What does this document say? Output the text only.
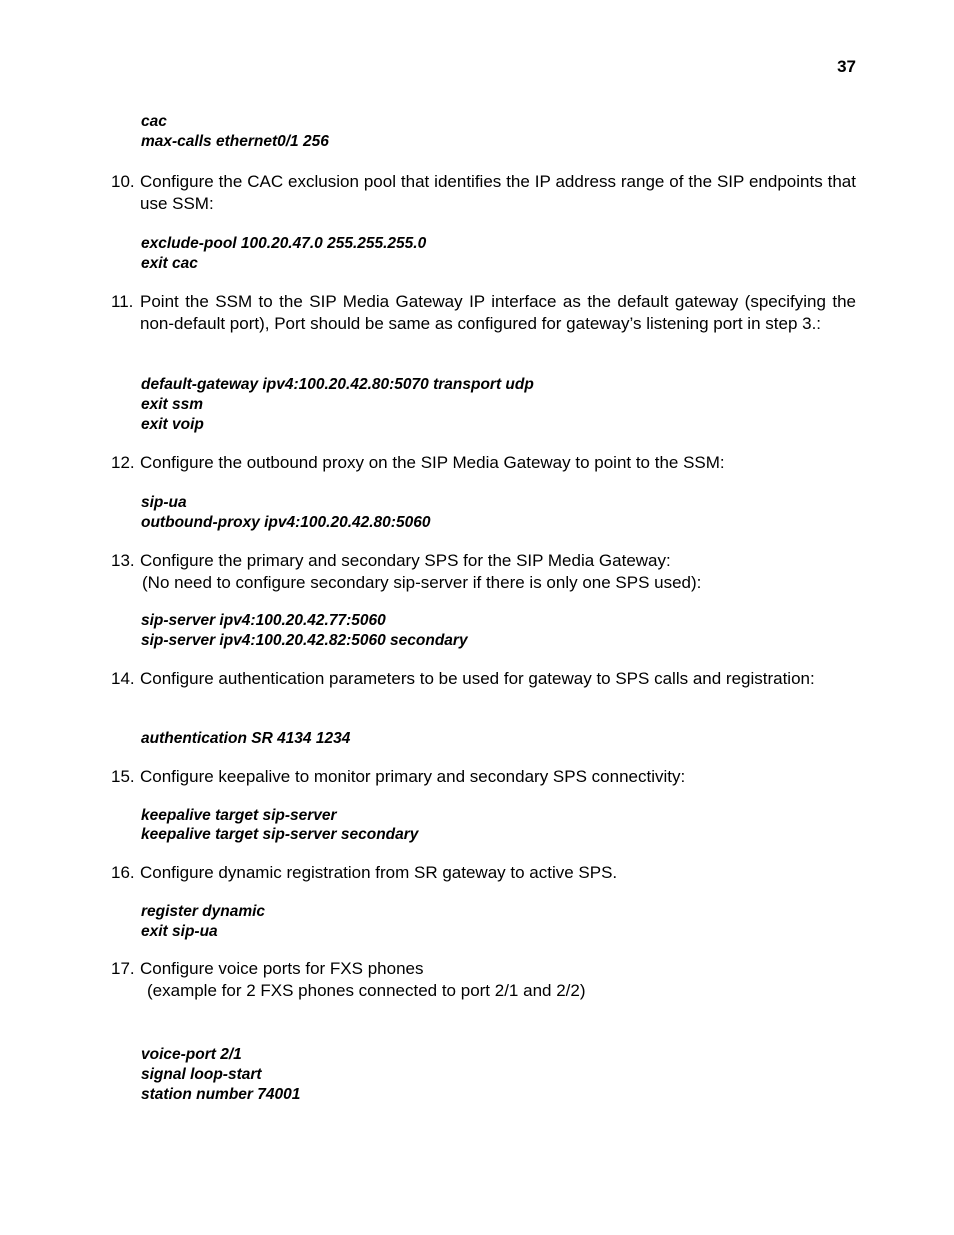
37
cac
max-calls ethernet0/1 256
10. Configure the CAC exclusion pool that identifies the IP address range of the SIP endpoints that use SSM:
exclude-pool 100.20.47.0 255.255.255.0
exit cac
11. Point the SSM to the SIP Media Gateway IP interface as the default gateway (specifying the non-default port), Port should be same as configured for gateway’s listening port in step 3.:
default-gateway ipv4:100.20.42.80:5070 transport udp
exit ssm
exit voip
12. Configure the outbound proxy on the SIP Media Gateway to point to the SSM:
sip-ua
outbound-proxy ipv4:100.20.42.80:5060
13. Configure the primary and secondary SPS for the SIP Media Gateway:
(No need to configure secondary sip-server if there is only one SPS used):
sip-server ipv4:100.20.42.77:5060
sip-server ipv4:100.20.42.82:5060 secondary
14. Configure authentication parameters to be used for gateway to SPS calls and registration:
authentication SR 4134 1234
15. Configure keepalive to monitor primary and secondary SPS connectivity:
keepalive target sip-server
keepalive target sip-server secondary
16. Configure dynamic registration from SR gateway to active SPS.
register dynamic
exit sip-ua
17. Configure voice ports for FXS phones
(example for 2 FXS phones connected to port 2/1 and 2/2)
voice-port 2/1
signal loop-start
station number 74001
